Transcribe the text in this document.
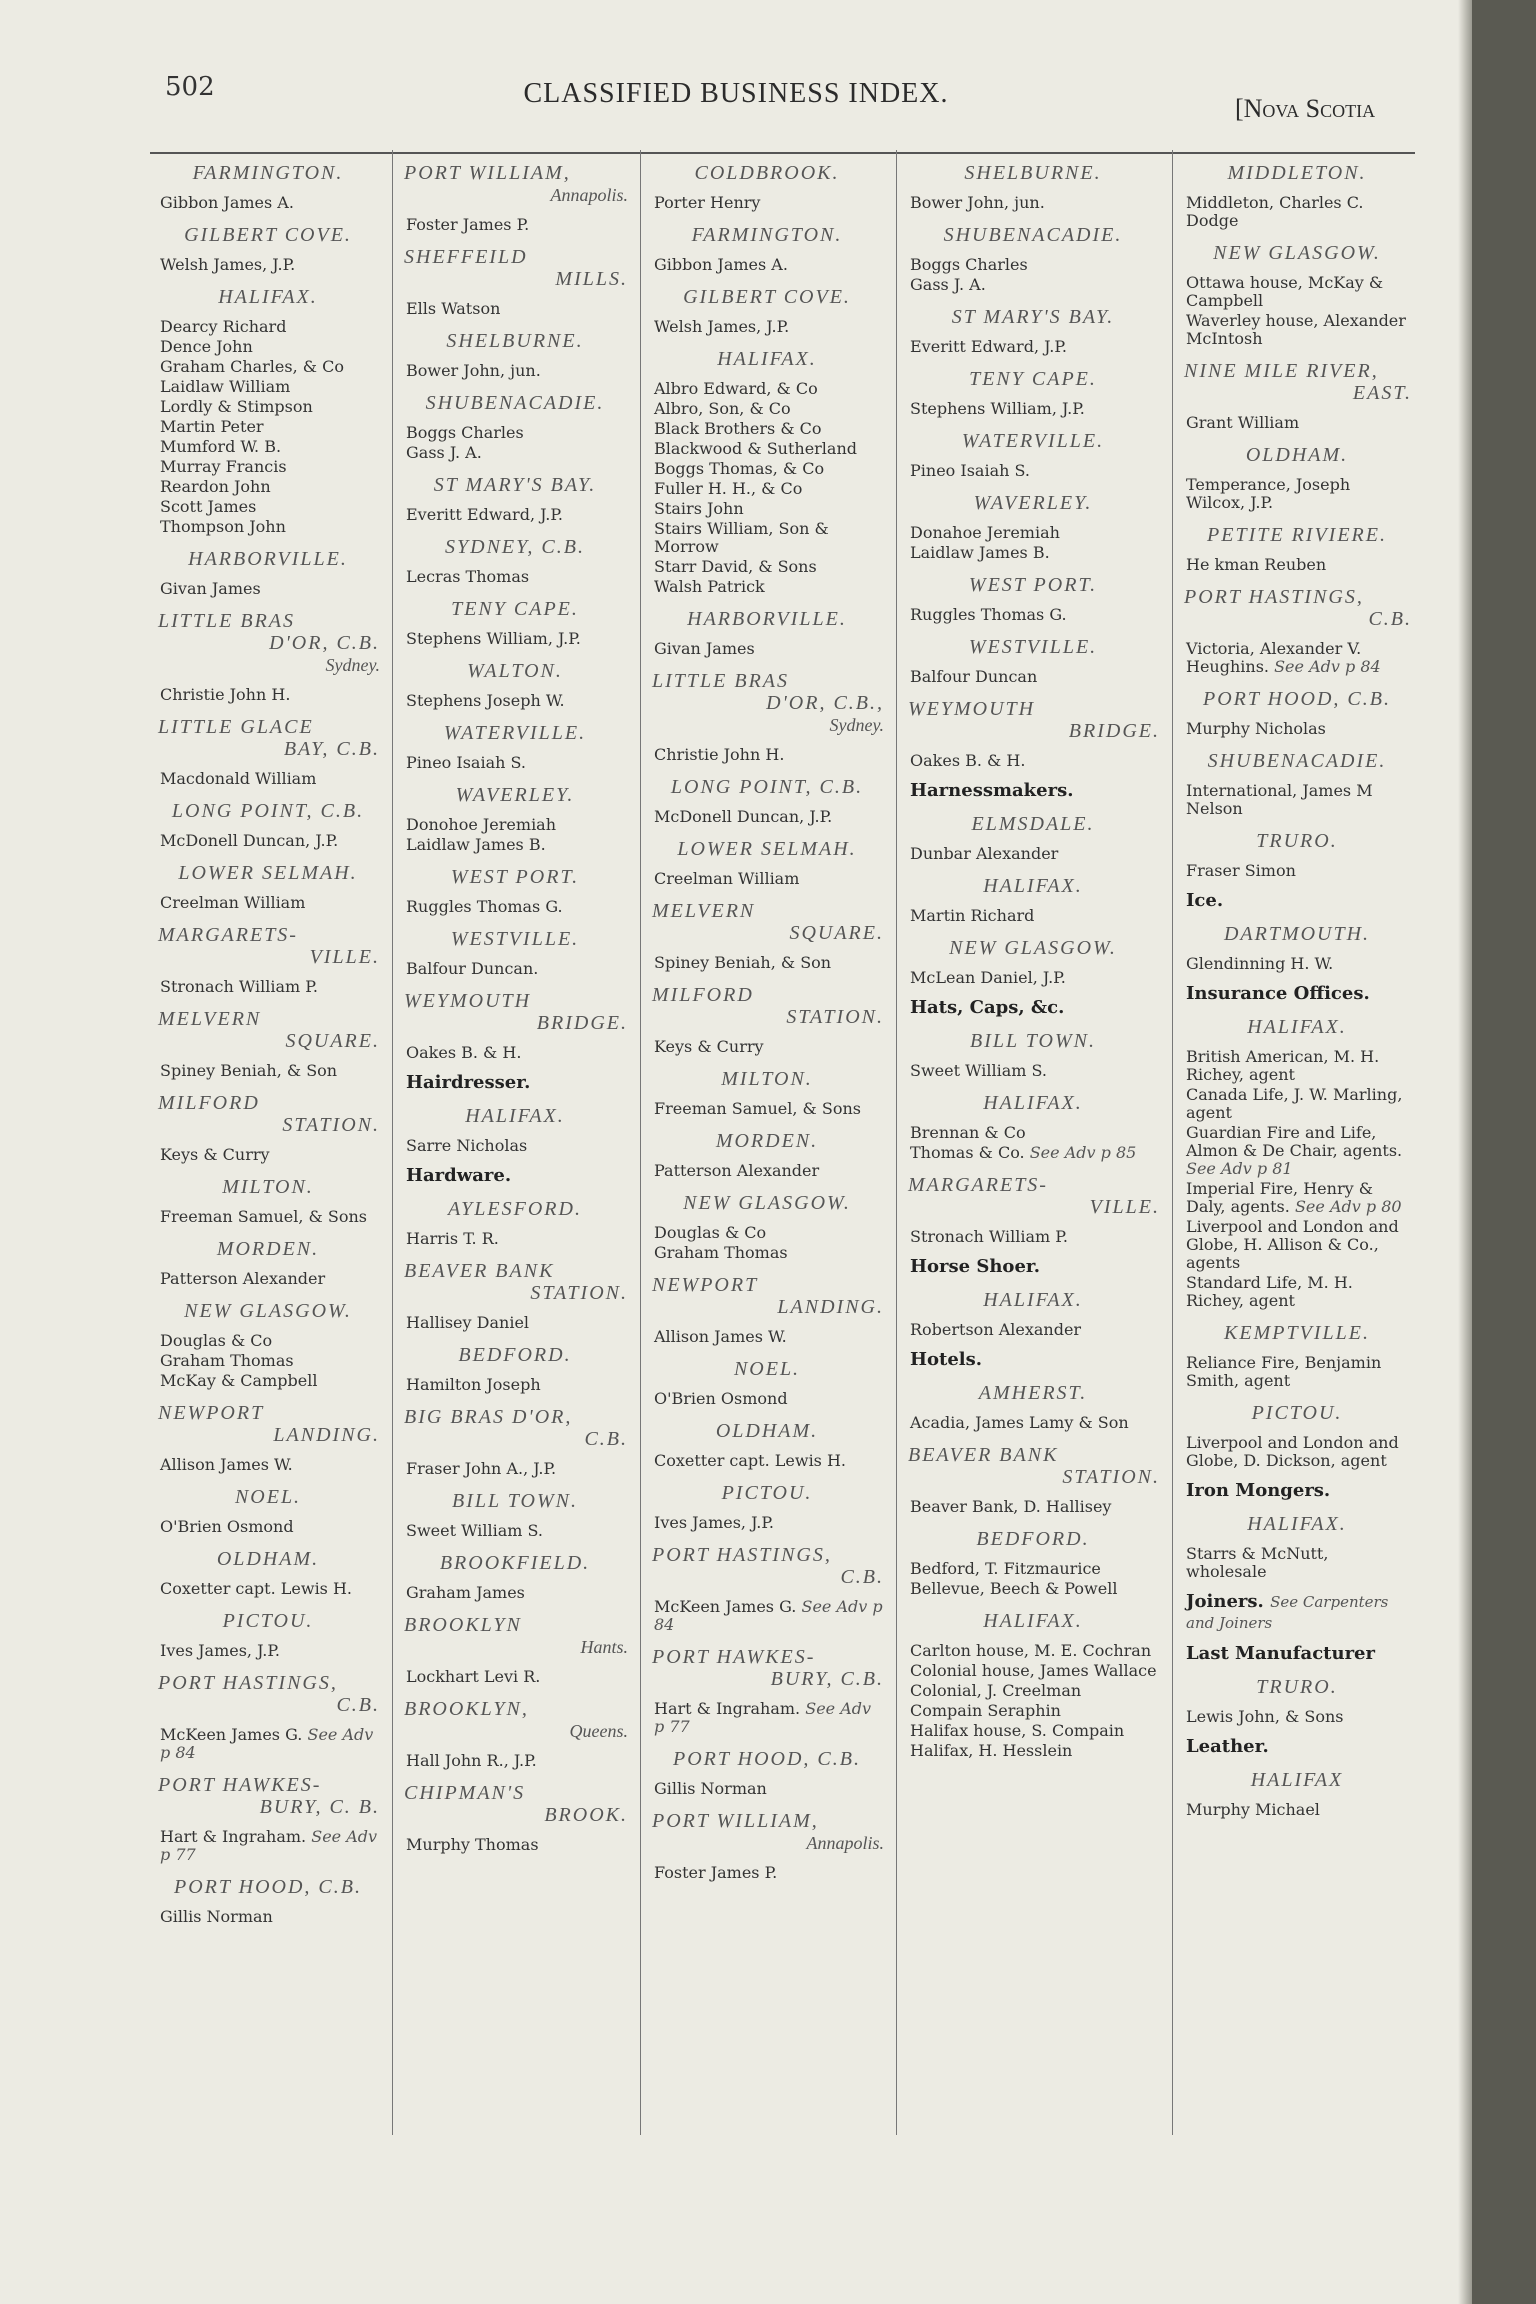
502	CLASSIFIED BUSINESS INDEX.	[Nova Scotia
FARMINGTON.
Gibbon James A.
GILBERT COVE.
Welsh James, J.P.
HALIFAX.
Dearcy Richard
Dence John
Graham Charles, & Co
Laidlaw William
Lordly & Stimpson
Martin Peter
Mumford W. B.
Murray Francis
Reardon John
Scott James
Thompson John
HARBORVILLE.
Givan James
LITTLE BRAS
D'OR, C.B.
Sydney.
Christie John H.
LITTLE GLACE
BAY, C.B.
Macdonald William
LONG POINT, C.B.
McDonell Duncan, J.P.
LOWER SELMAH.
Creelman William
MARGARETS-
VILLE.
Stronach William P.
MELVERN
SQUARE.
Spiney Beniah, & Son
MILFORD
STATION.
Keys & Curry
MILTON.
Freeman Samuel, & Sons
MORDEN.
Patterson Alexander
NEW GLASGOW.
Douglas & Co
Graham Thomas
McKay & Campbell
NEWPORT
LANDING.
Allison James W.
NOEL.
O'Brien Osmond
OLDHAM.
Coxetter capt. Lewis H.
PICTOU.
Ives James, J.P.
PORT HASTINGS,
C.B.
McKeen James G. See Adv p 84
PORT HAWKES-
BURY, C. B.
Hart & Ingraham. See Adv p 77
PORT HOOD, C.B.
Gillis Norman
PORT WILLIAM,
Annapolis.
Foster James P.
SHEFFEILD
MILLS.
Ells Watson
SHELBURNE.
Bower John, jun.
SHUBENACADIE.
Boggs Charles
Gass J. A.
ST MARY'S BAY.
Everitt Edward, J.P.
SYDNEY, C.B.
Lecras Thomas
TENY CAPE.
Stephens William, J.P.
WALTON.
Stephens Joseph W.
WATERVILLE.
Pineo Isaiah S.
WAVERLEY.
Donohoe Jeremiah
Laidlaw James B.
WEST PORT.
Ruggles Thomas G.
WESTVILLE.
Balfour Duncan.
WEYMOUTH
BRIDGE.
Oakes B. & H.
Hairdresser.
HALIFAX.
Sarre Nicholas
Hardware.
AYLESFORD.
Harris T. R.
BEAVER BANK
STATION.
Hallisey Daniel
BEDFORD.
Hamilton Joseph
BIG BRAS D'OR,
C.B.
Fraser John A., J.P.
BILL TOWN.
Sweet William S.
BROOKFIELD.
Graham James
BROOKLYN
Hants.
Lockhart Levi R.
BROOKLYN,
Queens.
Hall John R., J.P.
CHIPMAN'S
BROOK.
Murphy Thomas
COLDBROOK.
Porter Henry
FARMINGTON.
Gibbon James A.
GILBERT COVE.
Welsh James, J.P.
HALIFAX.
Albro Edward, & Co
Albro, Son, & Co
Black Brothers & Co
Blackwood & Sutherland
Boggs Thomas, & Co
Fuller H. H., & Co
Stairs John
Stairs William, Son & Morrow
Starr David, & Sons
Walsh Patrick
HARBORVILLE.
Givan James
LITTLE BRAS
D'OR, C.B.,
Sydney.
Christie John H.
LONG POINT, C.B.
McDonell Duncan, J.P.
LOWER SELMAH.
Creelman William
MELVERN
SQUARE.
Spiney Beniah, & Son
MILFORD
STATION.
Keys & Curry
MILTON.
Freeman Samuel, & Sons
MORDEN.
Patterson Alexander
NEW GLASGOW.
Douglas & Co
Graham Thomas
NEWPORT
LANDING.
Allison James W.
NOEL.
O'Brien Osmond
OLDHAM.
Coxetter capt. Lewis H.
PICTOU.
Ives James, J.P.
PORT HASTINGS,
C.B.
McKeen James G. See Adv p 84
PORT HAWKES-
BURY, C.B.
Hart & Ingraham. See Adv p 77
PORT HOOD, C.B.
Gillis Norman
PORT WILLIAM,
Annapolis.
Foster James P.
SHELBURNE.
Bower John, jun.
SHUBENACADIE.
Boggs Charles
Gass J. A.
ST MARY'S BAY.
Everitt Edward, J.P.
TENY CAPE.
Stephens William, J.P.
WATERVILLE.
Pineo Isaiah S.
WAVERLEY.
Donahoe Jeremiah
Laidlaw James B.
WEST PORT.
Ruggles Thomas G.
WESTVILLE.
Balfour Duncan
WEYMOUTH
BRIDGE.
Oakes B. & H.
Harnessmakers.
ELMSDALE.
Dunbar Alexander
HALIFAX.
Martin Richard
NEW GLASGOW.
McLean Daniel, J.P.
Hats, Caps, &c.
BILL TOWN.
Sweet William S.
HALIFAX.
Brennan & Co
Thomas & Co. See Adv p 85
MARGARETS-
VILLE.
Stronach William P.
Horse Shoer.
HALIFAX.
Robertson Alexander
Hotels.
AMHERST.
Acadia, James Lamy & Son
BEAVER BANK
STATION.
Beaver Bank, D. Hallisey
BEDFORD.
Bedford, T. Fitzmaurice
Bellevue, Beech & Powell
HALIFAX.
Carlton house, M. E. Cochran
Colonial house, James Wallace
Colonial, J. Creelman
Compain Seraphin
Halifax house, S. Compain
Halifax, H. Hesslein
MIDDLETON.
Middleton, Charles C. Dodge
NEW GLASGOW.
Ottawa house, McKay & Campbell
Waverley house, Alexander McIntosh
NINE MILE RIVER,
EAST.
Grant William
OLDHAM.
Temperance, Joseph Wilcox, J.P.
PETITE RIVIERE.
He kman Reuben
PORT HASTINGS,
C.B.
Victoria, Alexander V. Heughins. See Adv p 84
PORT HOOD, C.B.
Murphy Nicholas
SHUBENACADIE.
International, James M Nelson
TRURO.
Fraser Simon
Ice.
DARTMOUTH.
Glendinning H. W.
Insurance Offices.
HALIFAX.
British American, M. H. Richey, agent
Canada Life, J. W. Marling, agent
Guardian Fire and Life, Almon & De Chair, agents. See Adv p 81
Imperial Fire, Henry & Daly, agents. See Adv p 80
Liverpool and London and Globe, H. Allison & Co., agents
Standard Life, M. H. Richey, agent
KEMPTVILLE.
Reliance Fire, Benjamin Smith, agent
PICTOU.
Liverpool and London and Globe, D. Dickson, agent
Iron Mongers.
HALIFAX.
Starrs & McNutt, wholesale
Joiners. See Carpenters and Joiners
Last Manufacturer
TRURO.
Lewis John, & Sons
Leather.
HALIFAX
Murphy Michael
